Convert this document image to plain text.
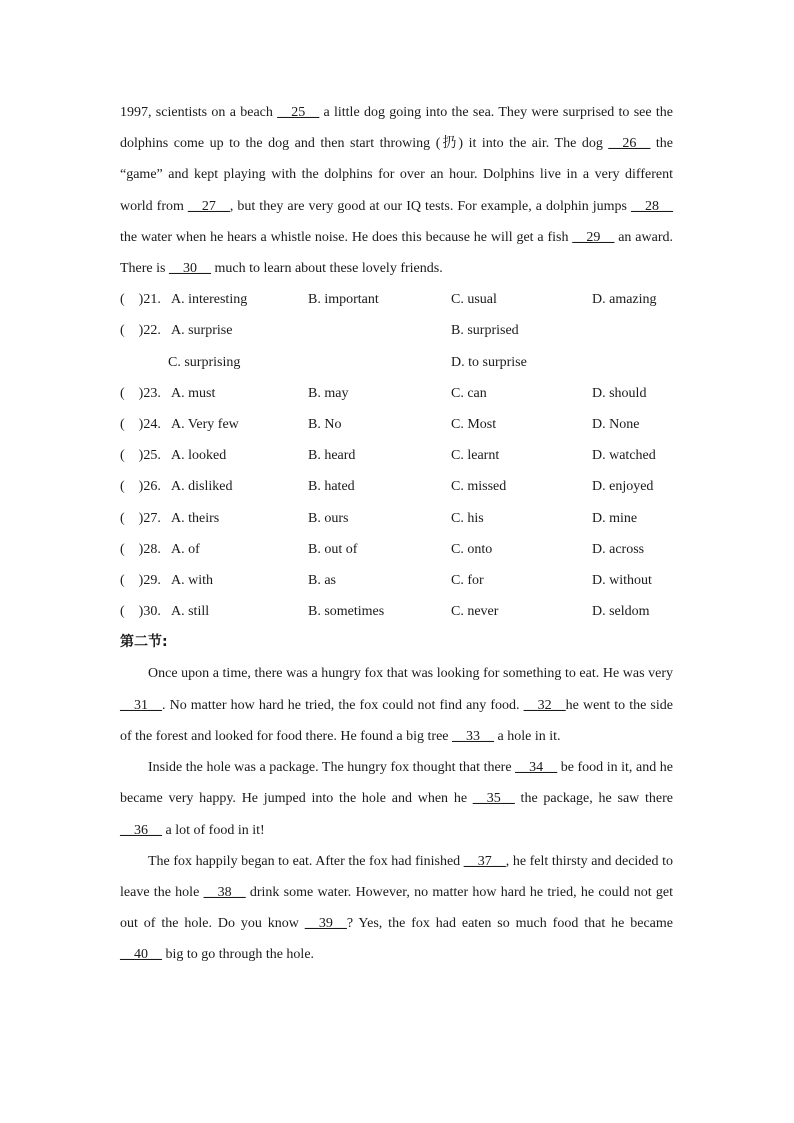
1997, scientists on a beach __25__ a little dog going into the sea. They were surprised to see the dolphins come up to the dog and then start throwing (扔) it into the air. The dog __26__ the “game” and kept playing with the dolphins for over an hour. Dolphins live in a very different world from __27__, but they are very good at our IQ tests. For example, a dolphin jumps __28__ the water when he hears a whistle noise. He does this because he will get a fish __29__ an award. There is __30__ much to learn about these lovely friends.

(    )21. A. interesting	B. important	C. usual	D. amazing
(    )22. A. surprise	B. surprised
C. surprising	D. to surprise
(    )23. A. must	B. may	C. can	D. should
(    )24. A. Very few	B. No	C. Most	D. None
(    )25. A. looked	B. heard	C. learnt	D. watched
(    )26. A. disliked	B. hated	C. missed	D. enjoyed
(    )27. A. theirs	B. ours	C. his	D. mine
(    )28. A. of	B. out of	C. onto	D. across
(    )29. A. with	B. as	C. for	D. without
(    )30. A. still	B. sometimes	C. never	D. seldom

第二节:

Once upon a time, there was a hungry fox that was looking for something to eat. He was very __31__. No matter how hard he tried, the fox could not find any food. __32__he went to the side of the forest and looked for food there. He found a big tree __33__ a hole in it.

Inside the hole was a package. The hungry fox thought that there __34__ be food in it, and he became very happy. He jumped into the hole and when he __35__ the package, he saw there __36__ a lot of food in it!

The fox happily began to eat. After the fox had finished __37__, he felt thirsty and decided to leave the hole __38__ drink some water. However, no matter how hard he tried, he could not get out of the hole. Do you know __39__? Yes, the fox had eaten so much food that he became __40__ big to go through the hole.
